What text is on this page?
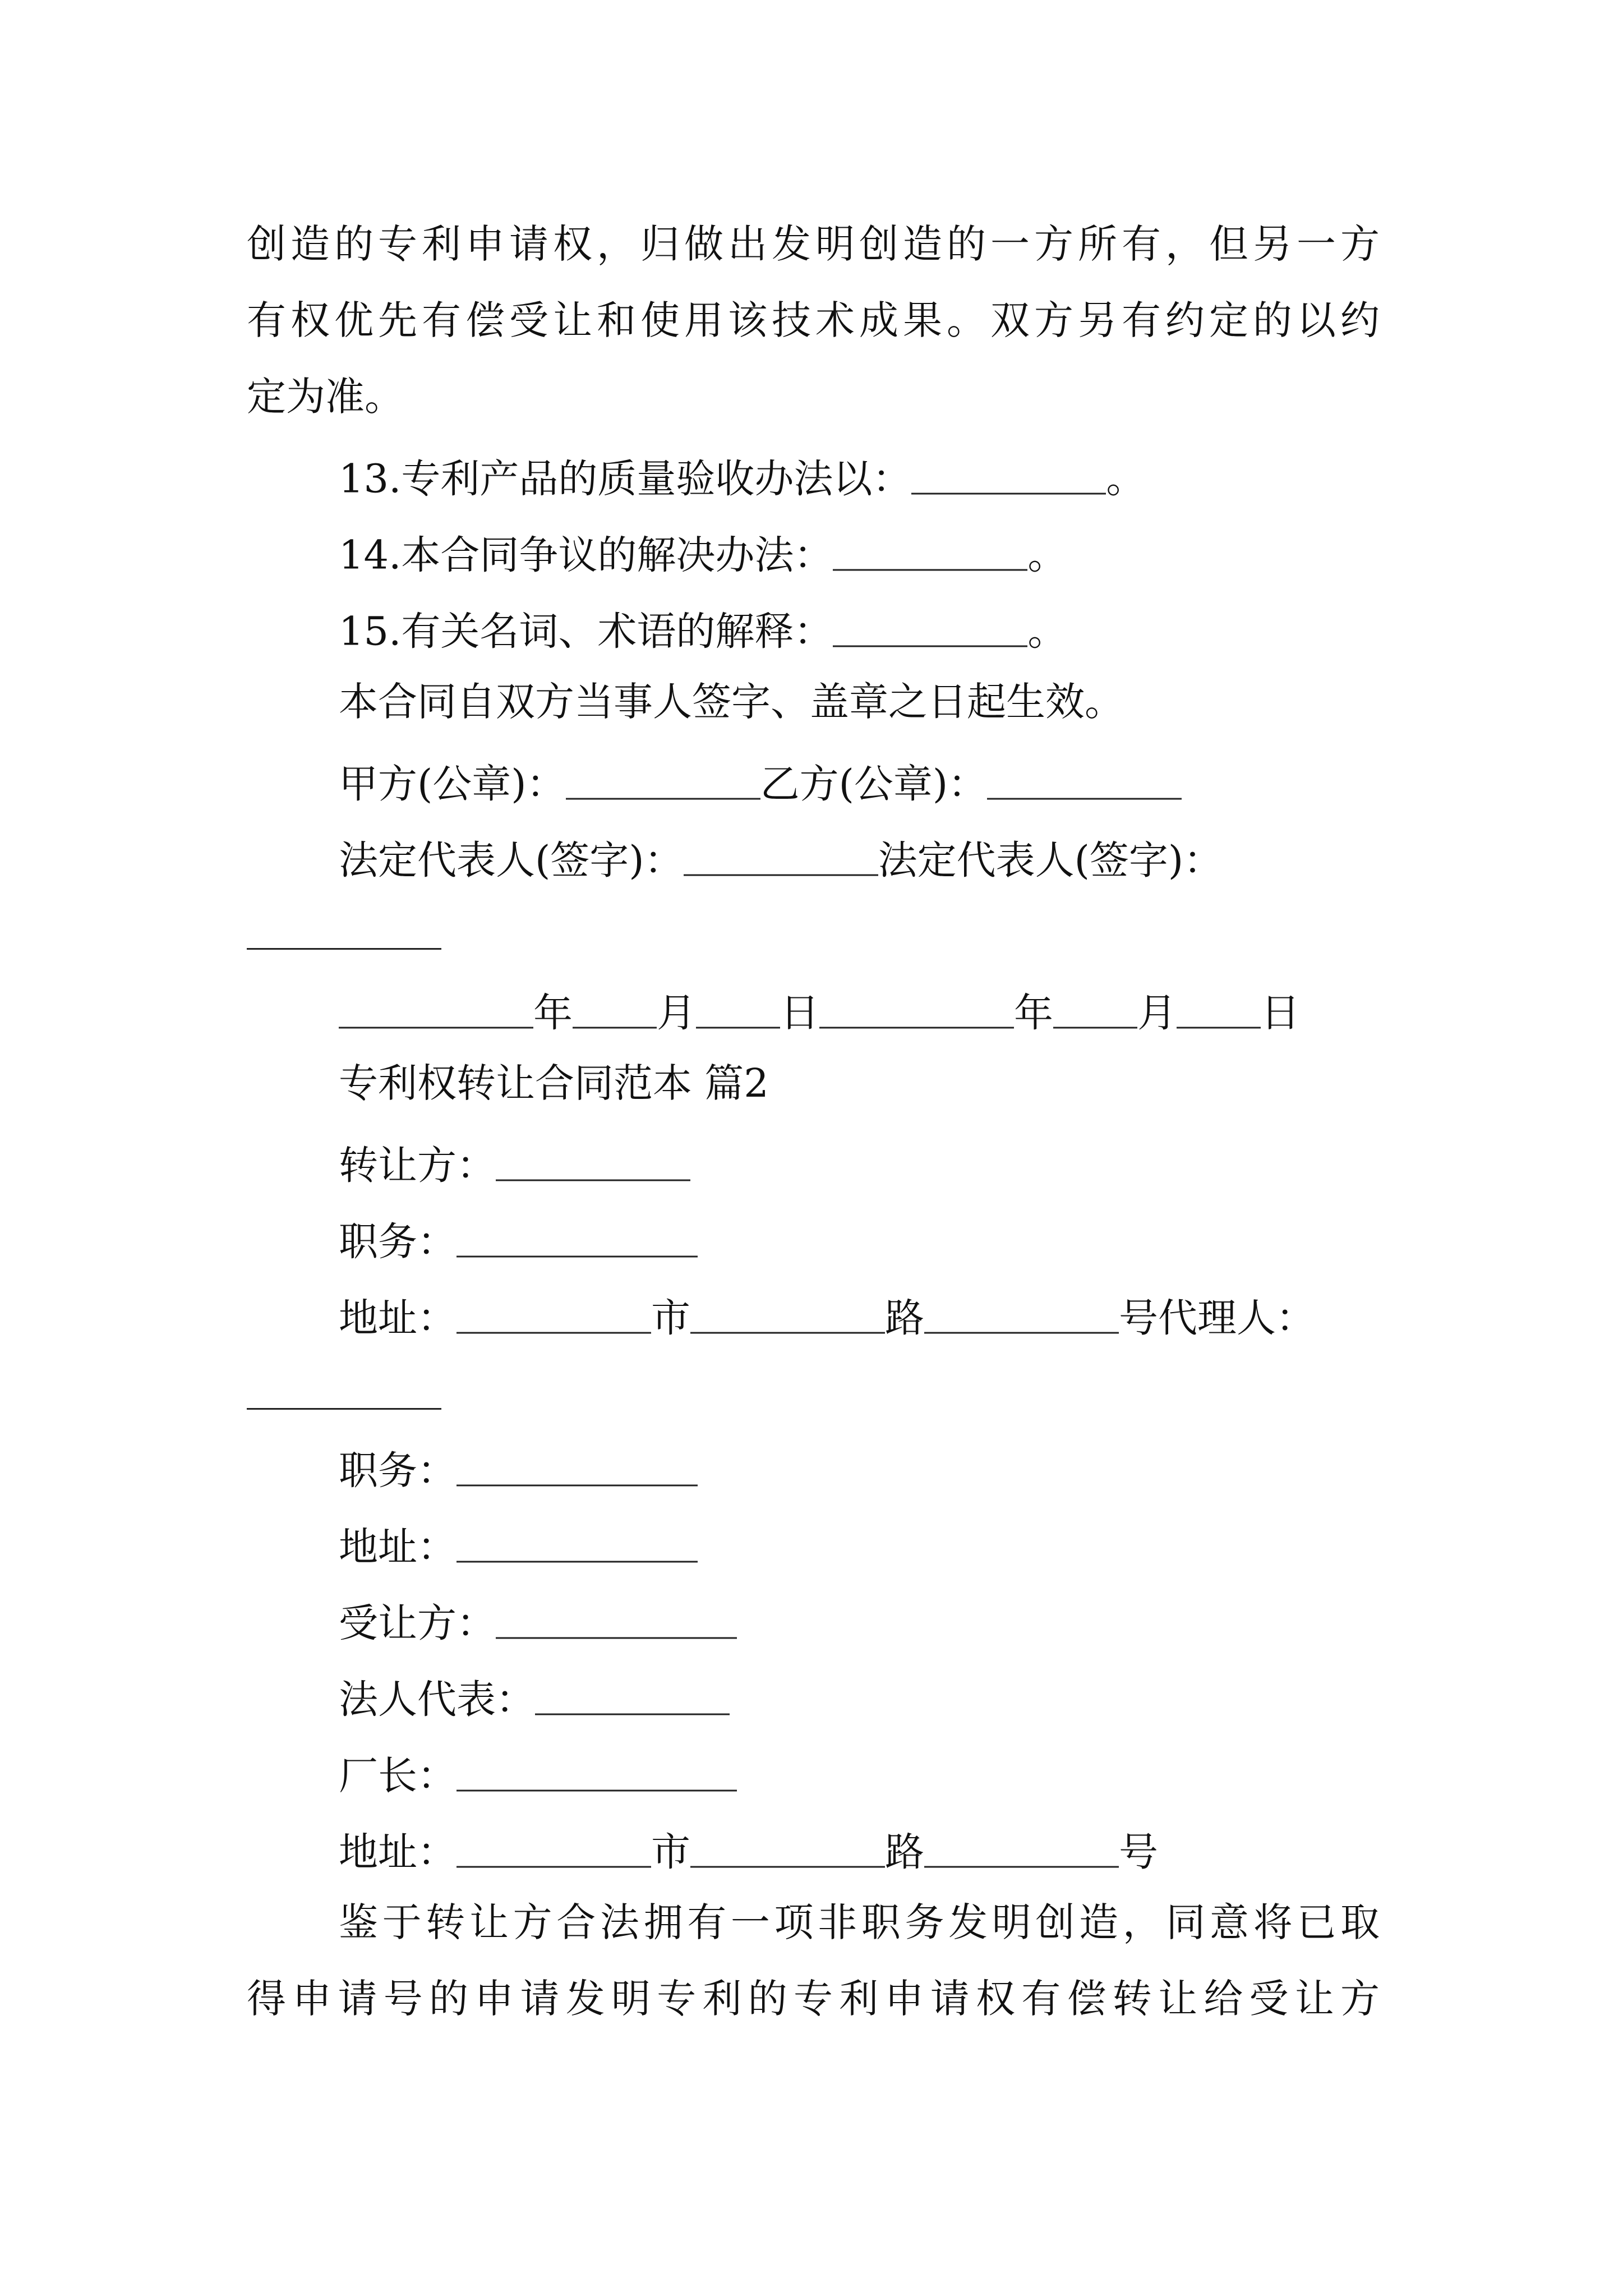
创造的专利申请权，归做出发明创造的一方所有，但另一方
有权优先有偿受让和使用该技术成果。双方另有约定的以约
定为准。
13.专利产品的质量验收办法以：	。
14.本合同争议的解决办法：	。
15.有关名词、术语的解释：	。
本合同自双方当事人签字、盖章之日起生效。
甲方(公章)：	乙方(公章)：
法定代表人(签字)：	法定代表人(签字)：
年 月 日	年 月 日
专利权转让合同范本 篇2
转让方：
职务：
地址：	市	路	号代理人：
职务：
地址：
受让方：
法人代表：
厂长：
地址：	市	路	号
鉴于转让方合法拥有一项非职务发明创造，同意将已取
得申请号的申请发明专利的专利申请权有偿转让给受让方
